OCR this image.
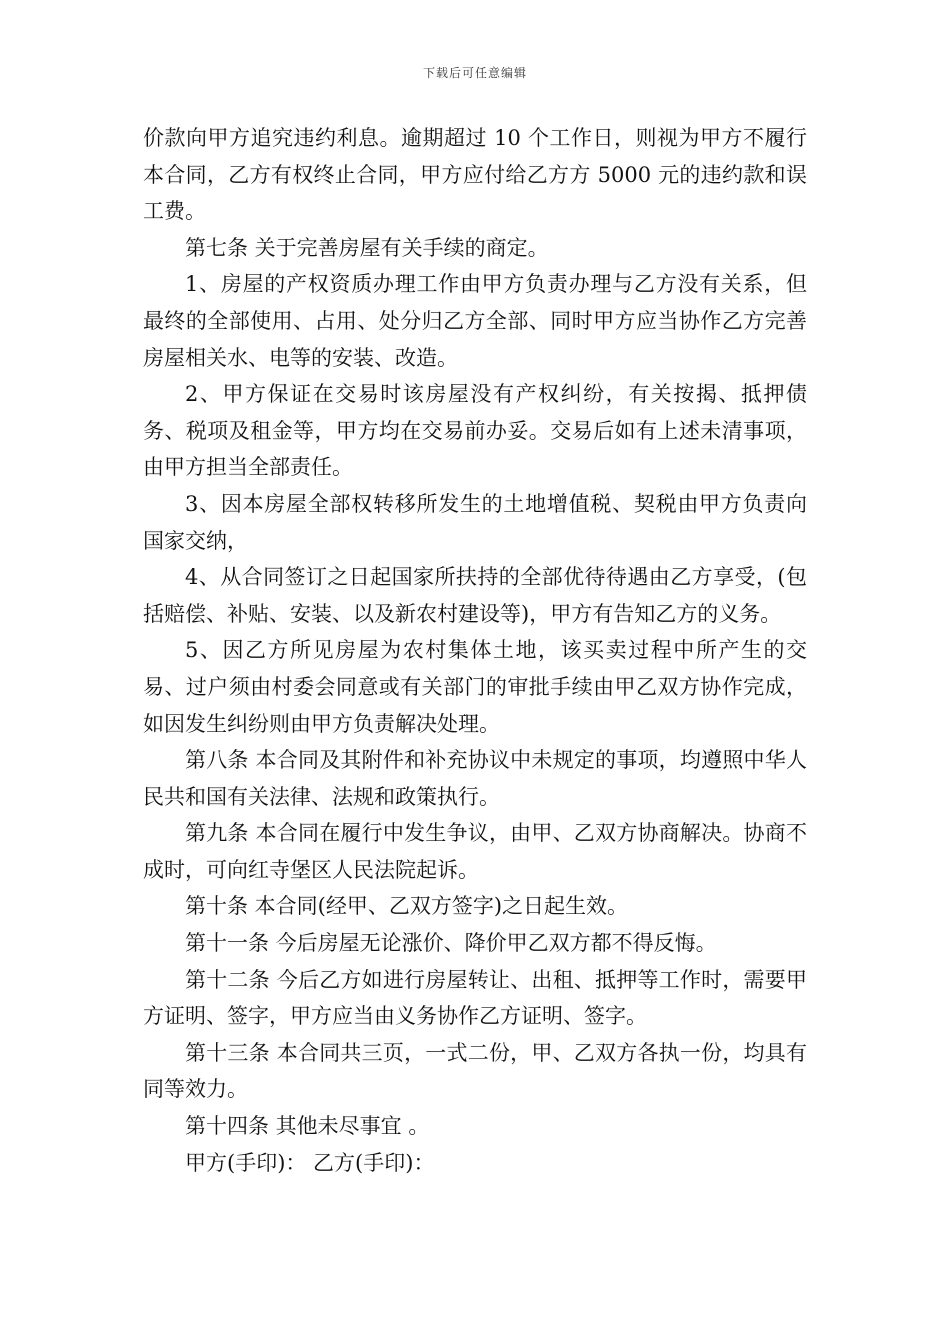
下载后可任意编辑

价款向甲方追究违约利息。逾期超过 10 个工作日，则视为甲方不履行本合同，乙方有权终止合同，甲方应付给乙方方 5000 元的违约款和误工费。

第七条 关于完善房屋有关手续的商定。

1、房屋的产权资质办理工作由甲方负责办理与乙方没有关系，但最终的全部使用、占用、处分归乙方全部、同时甲方应当协作乙方完善房屋相关水、电等的安装、改造。

2、甲方保证在交易时该房屋没有产权纠纷，有关按揭、抵押债务、税项及租金等，甲方均在交易前办妥。交易后如有上述未清事项，由甲方担当全部责任。

3、因本房屋全部权转移所发生的土地增值税、契税由甲方负责向国家交纳，

4、从合同签订之日起国家所扶持的全部优待待遇由乙方享受，(包括赔偿、补贴、安装、以及新农村建设等)，甲方有告知乙方的义务。

5、因乙方所见房屋为农村集体土地，该买卖过程中所产生的交易、过户须由村委会同意或有关部门的审批手续由甲乙双方协作完成，如因发生纠纷则由甲方负责解决处理。

第八条 本合同及其附件和补充协议中未规定的事项，均遵照中华人民共和国有关法律、法规和政策执行。

第九条 本合同在履行中发生争议，由甲、乙双方协商解决。协商不成时，可向红寺堡区人民法院起诉。

第十条 本合同(经甲、乙双方签字)之日起生效。

第十一条 今后房屋无论涨价、降价甲乙双方都不得反悔。

第十二条 今后乙方如进行房屋转让、出租、抵押等工作时，需要甲方证明、签字，甲方应当由义务协作乙方证明、签字。

第十三条 本合同共三页，一式二份，甲、乙双方各执一份，均具有同等效力。

第十四条 其他未尽事宜 。

甲方(手印)： 乙方(手印)：
